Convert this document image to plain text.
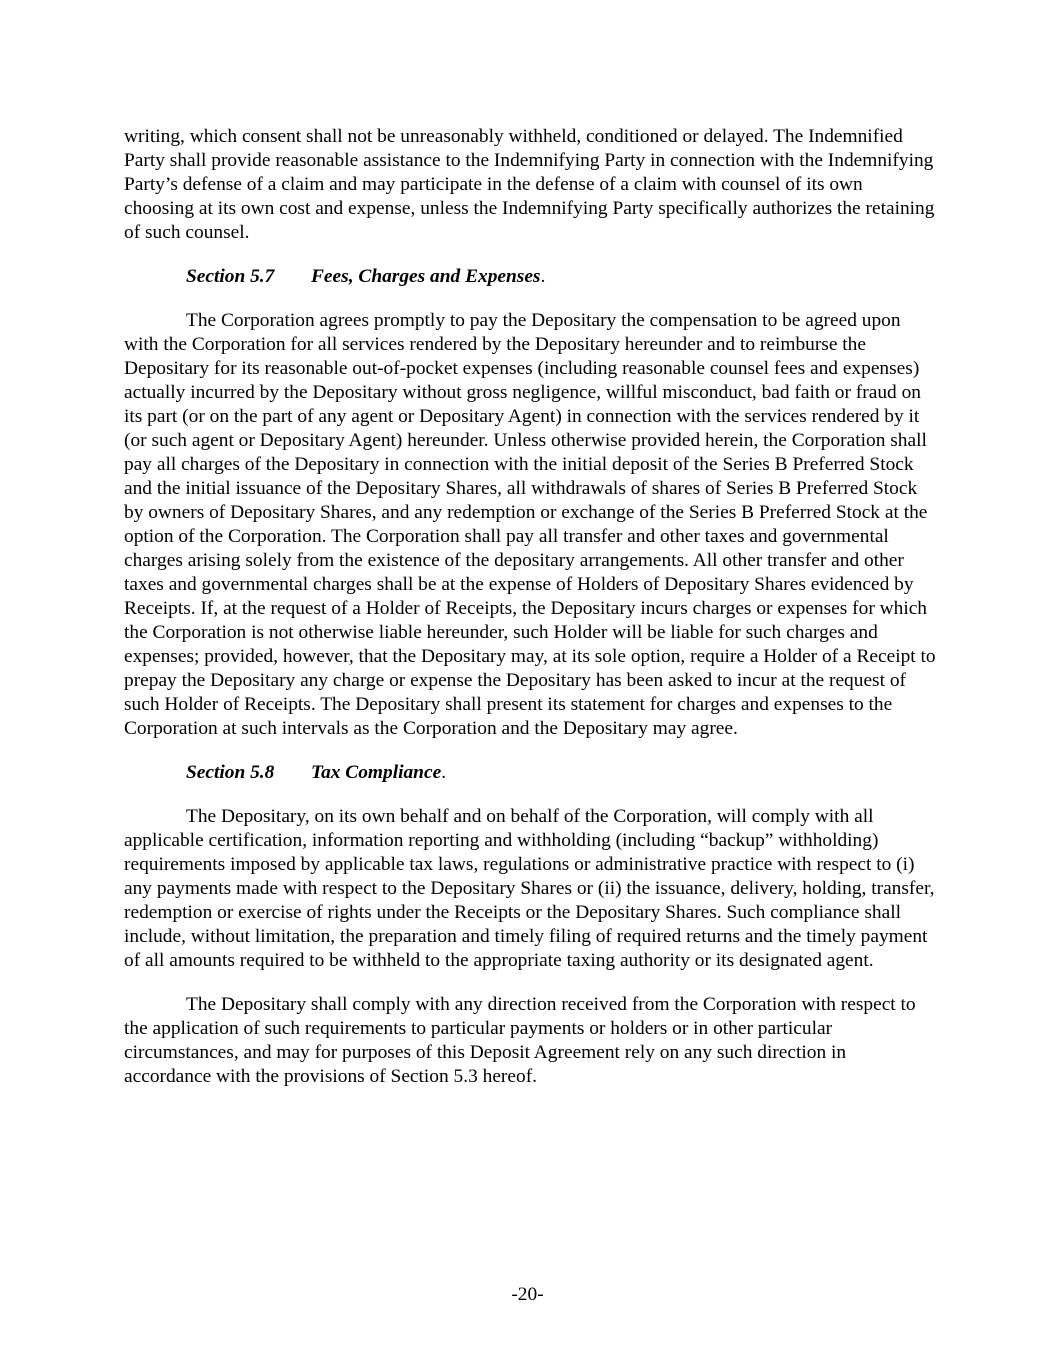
writing, which consent shall not be unreasonably withheld, conditioned or delayed. The Indemnified Party shall provide reasonable assistance to the Indemnifying Party in connection with the Indemnifying Party’s defense of a claim and may participate in the defense of a claim with counsel of its own choosing at its own cost and expense, unless the Indemnifying Party specifically authorizes the retaining of such counsel.

Section 5.7 Fees, Charges and Expenses.

The Corporation agrees promptly to pay the Depositary the compensation to be agreed upon with the Corporation for all services rendered by the Depositary hereunder and to reimburse the Depositary for its reasonable out-of-pocket expenses (including reasonable counsel fees and expenses) actually incurred by the Depositary without gross negligence, willful misconduct, bad faith or fraud on its part (or on the part of any agent or Depositary Agent) in connection with the services rendered by it (or such agent or Depositary Agent) hereunder. Unless otherwise provided herein, the Corporation shall pay all charges of the Depositary in connection with the initial deposit of the Series B Preferred Stock and the initial issuance of the Depositary Shares, all withdrawals of shares of Series B Preferred Stock by owners of Depositary Shares, and any redemption or exchange of the Series B Preferred Stock at the option of the Corporation. The Corporation shall pay all transfer and other taxes and governmental charges arising solely from the existence of the depositary arrangements. All other transfer and other taxes and governmental charges shall be at the expense of Holders of Depositary Shares evidenced by Receipts. If, at the request of a Holder of Receipts, the Depositary incurs charges or expenses for which the Corporation is not otherwise liable hereunder, such Holder will be liable for such charges and expenses; provided, however, that the Depositary may, at its sole option, require a Holder of a Receipt to prepay the Depositary any charge or expense the Depositary has been asked to incur at the request of such Holder of Receipts. The Depositary shall present its statement for charges and expenses to the Corporation at such intervals as the Corporation and the Depositary may agree.

Section 5.8 Tax Compliance.

The Depositary, on its own behalf and on behalf of the Corporation, will comply with all applicable certification, information reporting and withholding (including “backup” withholding) requirements imposed by applicable tax laws, regulations or administrative practice with respect to (i) any payments made with respect to the Depositary Shares or (ii) the issuance, delivery, holding, transfer, redemption or exercise of rights under the Receipts or the Depositary Shares. Such compliance shall include, without limitation, the preparation and timely filing of required returns and the timely payment of all amounts required to be withheld to the appropriate taxing authority or its designated agent.

The Depositary shall comply with any direction received from the Corporation with respect to the application of such requirements to particular payments or holders or in other particular circumstances, and may for purposes of this Deposit Agreement rely on any such direction in accordance with the provisions of Section 5.3 hereof.

-20-
